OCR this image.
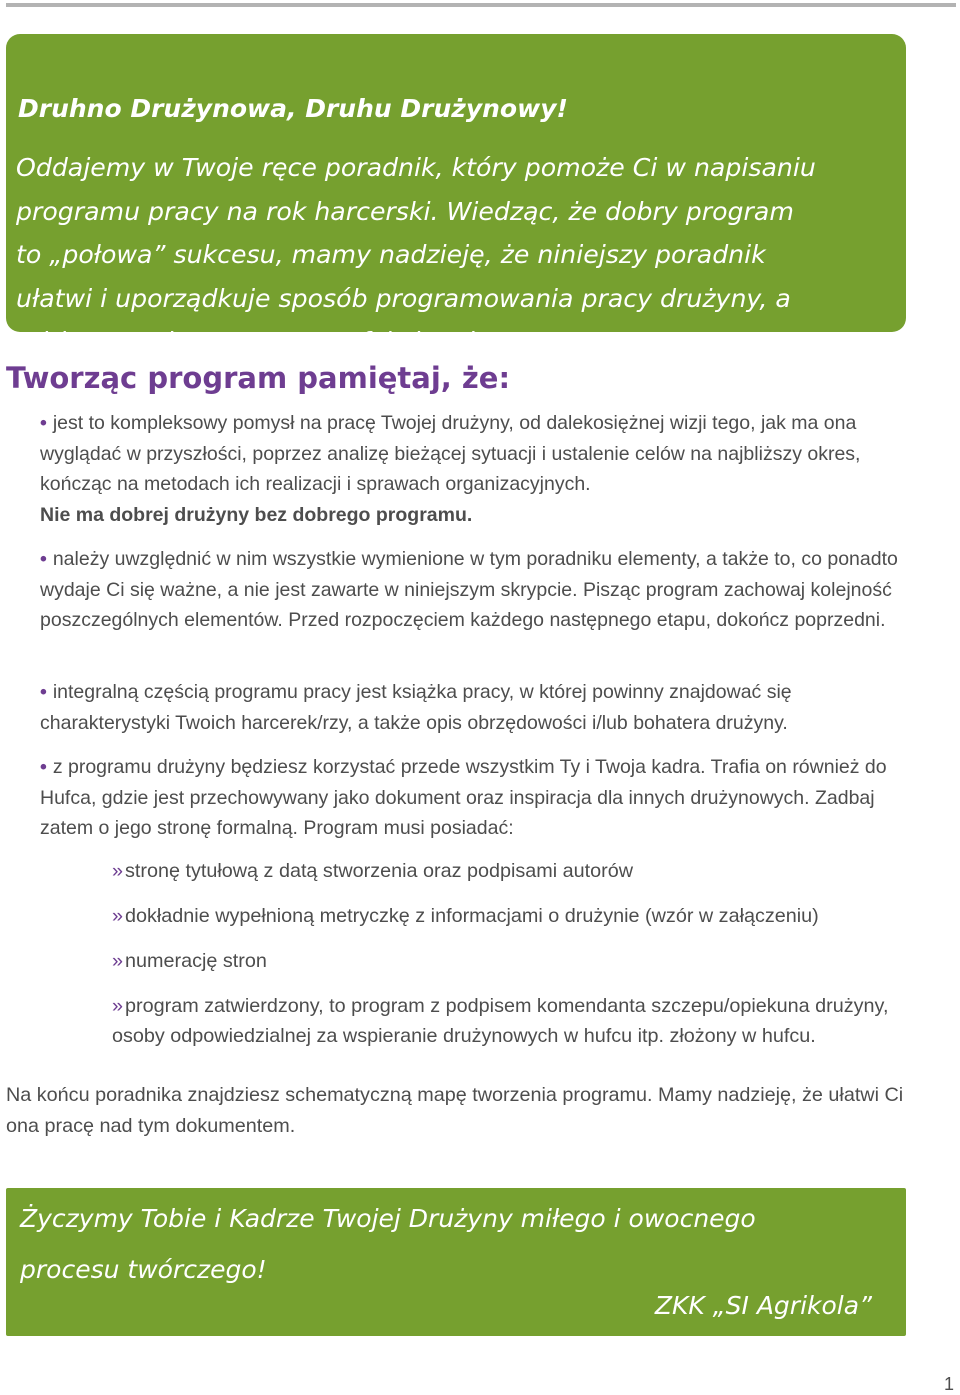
Druhno Drużynowa, Druhu Drużynowy!
Oddajemy w Twoje ręce poradnik, który pomoże Ci w napisaniu
programu pracy na rok harcerski. Wiedząc, że dobry program
to „połowa” sukcesu, mamy nadzieję, że niniejszy poradnik
ułatwi i uporządkuje sposób programowania pracy drużyny, a
także uczyni tę pracę satysfakcjonującą.
Tworząc program pamiętaj, że:
• jest to kompleksowy pomysł na pracę Twojej drużyny, od dalekosiężnej wizji tego, jak ma ona wyglądać w przyszłości, poprzez analizę bieżącej sytuacji i ustalenie celów na najbliższy okres, kończąc na metodach ich realizacji i sprawach organizacyjnych.
Nie ma dobrej drużyny bez dobrego programu.
• należy uwzględnić w nim wszystkie wymienione w tym poradniku elementy, a także to, co ponadto wydaje Ci się ważne, a nie jest zawarte w niniejszym skrypcie. Pisząc program zachowaj kolejność poszczególnych elementów. Przed rozpoczęciem każdego następnego etapu, dokończ poprzedni.
• integralną częścią programu pracy jest książka pracy, w której powinny znajdować się charakterystyki Twoich harcerek/rzy, a także opis obrzędowości i/lub bohatera drużyny.
• z programu drużyny będziesz korzystać przede wszystkim Ty i Twoja kadra. Trafia on również do Hufca, gdzie jest przechowywany jako dokument oraz inspiracja dla innych drużynowych. Zadbaj zatem o jego stronę formalną. Program musi posiadać:
» stronę tytułową z datą stworzenia oraz podpisami autorów
» dokładnie wypełnioną metryczkę z informacjami o drużynie (wzór w załączeniu)
» numerację stron
» program zatwierdzony, to program z podpisem komendanta szczepu/opiekuna drużyny, osoby odpowiedzialnej za wspieranie drużynowych w hufcu itp. złożony w hufcu.
Na końcu poradnika znajdziesz schematyczną mapę tworzenia programu. Mamy nadzieję, że ułatwi Ci ona pracę nad tym dokumentem.
Życzymy Tobie i Kadrze Twojej Drużyny miłego i owocnego
procesu twórczego!
ZKK „SI Agrikola”
1
